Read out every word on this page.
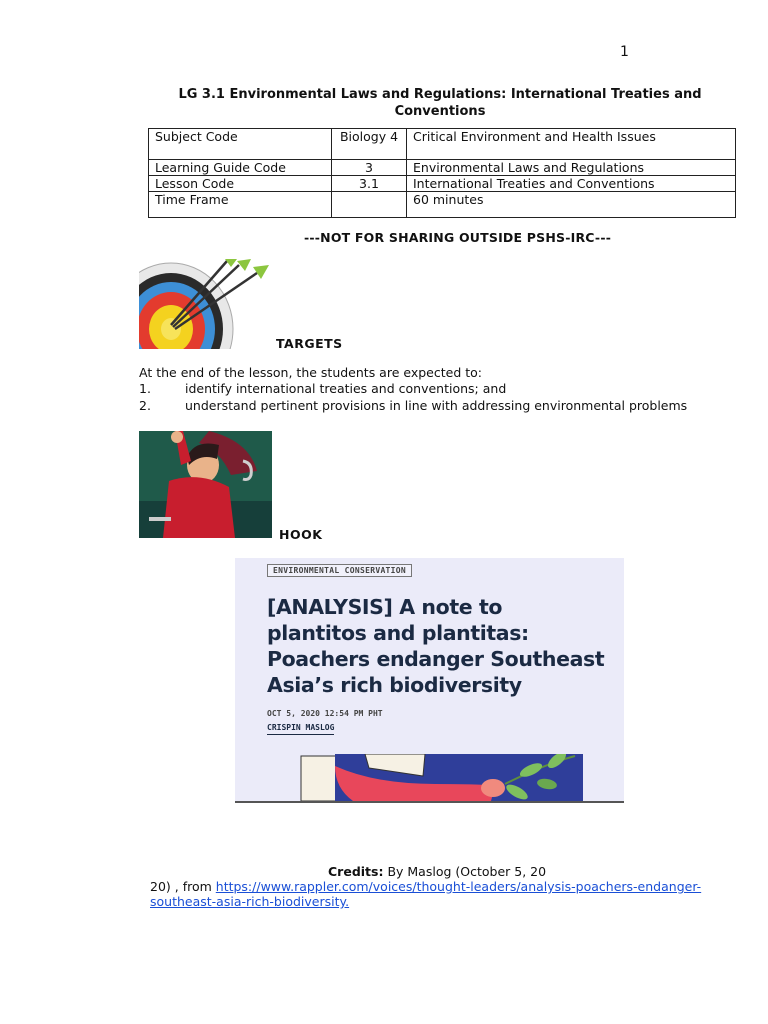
1
LG 3.1 Environmental Laws and Regulations: International Treaties and Conventions
Subject Code	Biology 4	Critical Environment and Health Issues
Learning Guide Code	3	Environmental Laws and Regulations
Lesson Code	3.1	International Treaties and Conventions
Time Frame		60 minutes
---NOT FOR SHARING OUTSIDE PSHS-IRC---
TARGETS
At the end of the lesson, the students are expected to:
1.	identify international treaties and conventions; and
2.	understand pertinent provisions in line with addressing environmental problems
HOOK
ENVIRONMENTAL CONSERVATION
[ANALYSIS] A note to plantitos and plantitas: Poachers endanger Southeast Asia’s rich biodiversity
OCT 5, 2020 12:54 PM PHT
CRISPIN MASLOG
Credits: By Maslog (October 5, 20
20) , from https://www.rappler.com/voices/thought-leaders/analysis-poachers-endanger-southeast-asia-rich-biodiversity.
